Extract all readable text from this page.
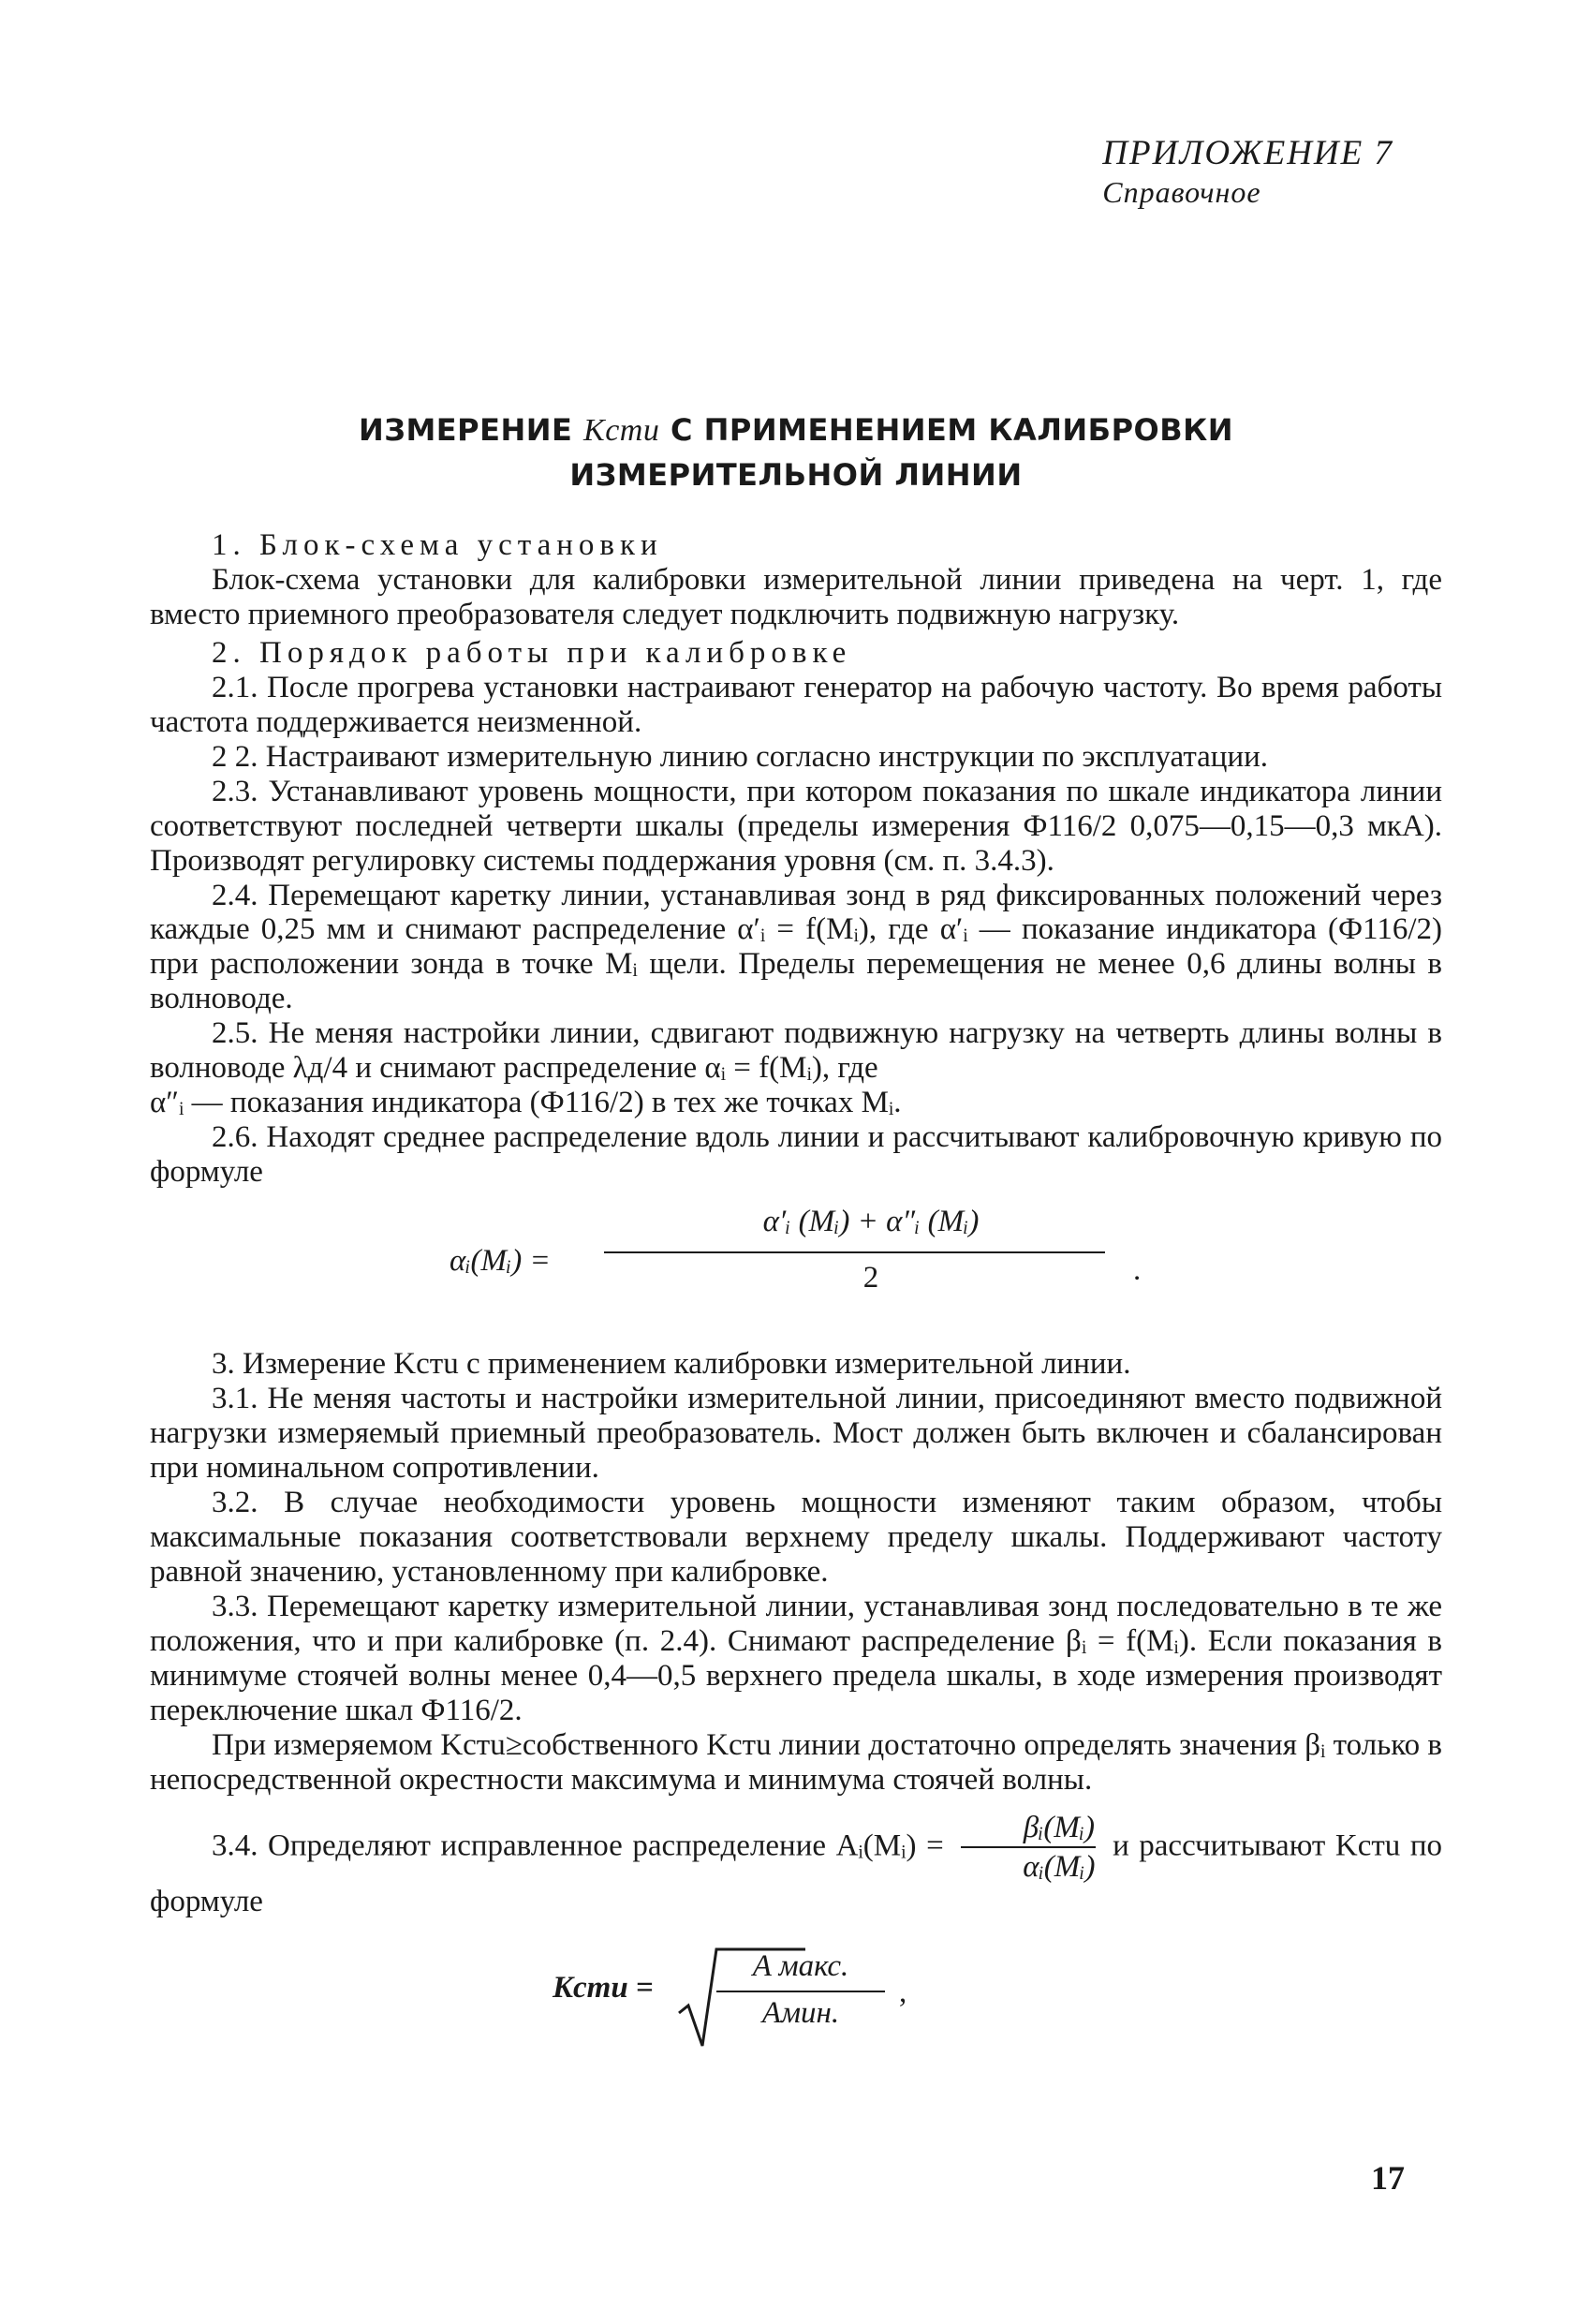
ПРИЛОЖЕНИЕ 7
Справочное
ИЗМЕРЕНИЕ Kстu С ПРИМЕНЕНИЕМ КАЛИБРОВКИ
ИЗМЕРИТЕЛЬНОЙ ЛИНИИ

1. Блок-схема установки

Блок-схема установки для калибровки измерительной линии приведена на черт. 1, где вместо приемного преобразователя следует подключить подвижную нагрузку.

2. Порядок работы при калибровке

2.1. После прогрева установки настраивают генератор на рабочую частоту. Во время работы частота поддерживается неизменной.

2 2. Настраивают измерительную линию согласно инструкции по эксплуатации.

2.3. Устанавливают уровень мощности, при котором показания по шкале индикатора линии соответствуют последней четверти шкалы (пределы измерения Ф116/2 0,075—0,15—0,3 мкА). Производят регулировку системы поддержания уровня (см. п. 3.4.3).

2.4. Перемещают каретку линии, устанавливая зонд в ряд фиксированных положений через каждые 0,25 мм и снимают распределение α′ᵢ = f(Mᵢ), где α′ᵢ — показание индикатора (Ф116/2) при расположении зонда в точке Mᵢ щели. Пределы перемещения не менее 0,6 длины волны в волноводе.

2.5. Не меняя настройки линии, сдвигают подвижную нагрузку на четверть длины волны в волноводе λд/4 и снимают распределение αᵢ = f(Mᵢ), где

α″ᵢ — показания индикатора (Ф116/2) в тех же точках Mᵢ.

2.6. Находят среднее распределение вдоль линии и рассчитывают калибровочную кривую по формуле

αᵢ(Mᵢ) =
α′ᵢ (Mᵢ) + α″ᵢ (Mᵢ)
2	.

3. Измерение Kстu с применением калибровки измерительной линии.

3.1. Не меняя частоты и настройки измерительной линии, присоединяют вместо подвижной нагрузки измеряемый приемный преобразователь. Мост должен быть включен и сбалансирован при номинальном сопротивлении.

3.2. В случае необходимости уровень мощности изменяют таким образом, чтобы максимальные показания соответствовали верхнему пределу шкалы. Поддерживают частоту равной значению, установленному при калибровке.

3.3. Перемещают каретку измерительной линии, устанавливая зонд последовательно в те же положения, что и при калибровке (п. 2.4). Снимают распределение βᵢ = f(Mᵢ). Если показания в минимуме стоячей волны менее 0,4—0,5 верхнего предела шкалы, в ходе измерения производят переключение шкал Ф116/2.

При измеряемом Kстu≥собственного Kстu линии достаточно определять значения βᵢ только в непосредственной окрестности максимума и минимума стоячей волны.

3.4. Определяют исправленное распределение Aᵢ(Mᵢ) = $\frac{\text{βᵢ(Mᵢ)}}{\text{αᵢ(Mᵢ)}}$ и рассчитывают Kстu по формуле

Kстu =
A макс.
Aмин.
,
17
